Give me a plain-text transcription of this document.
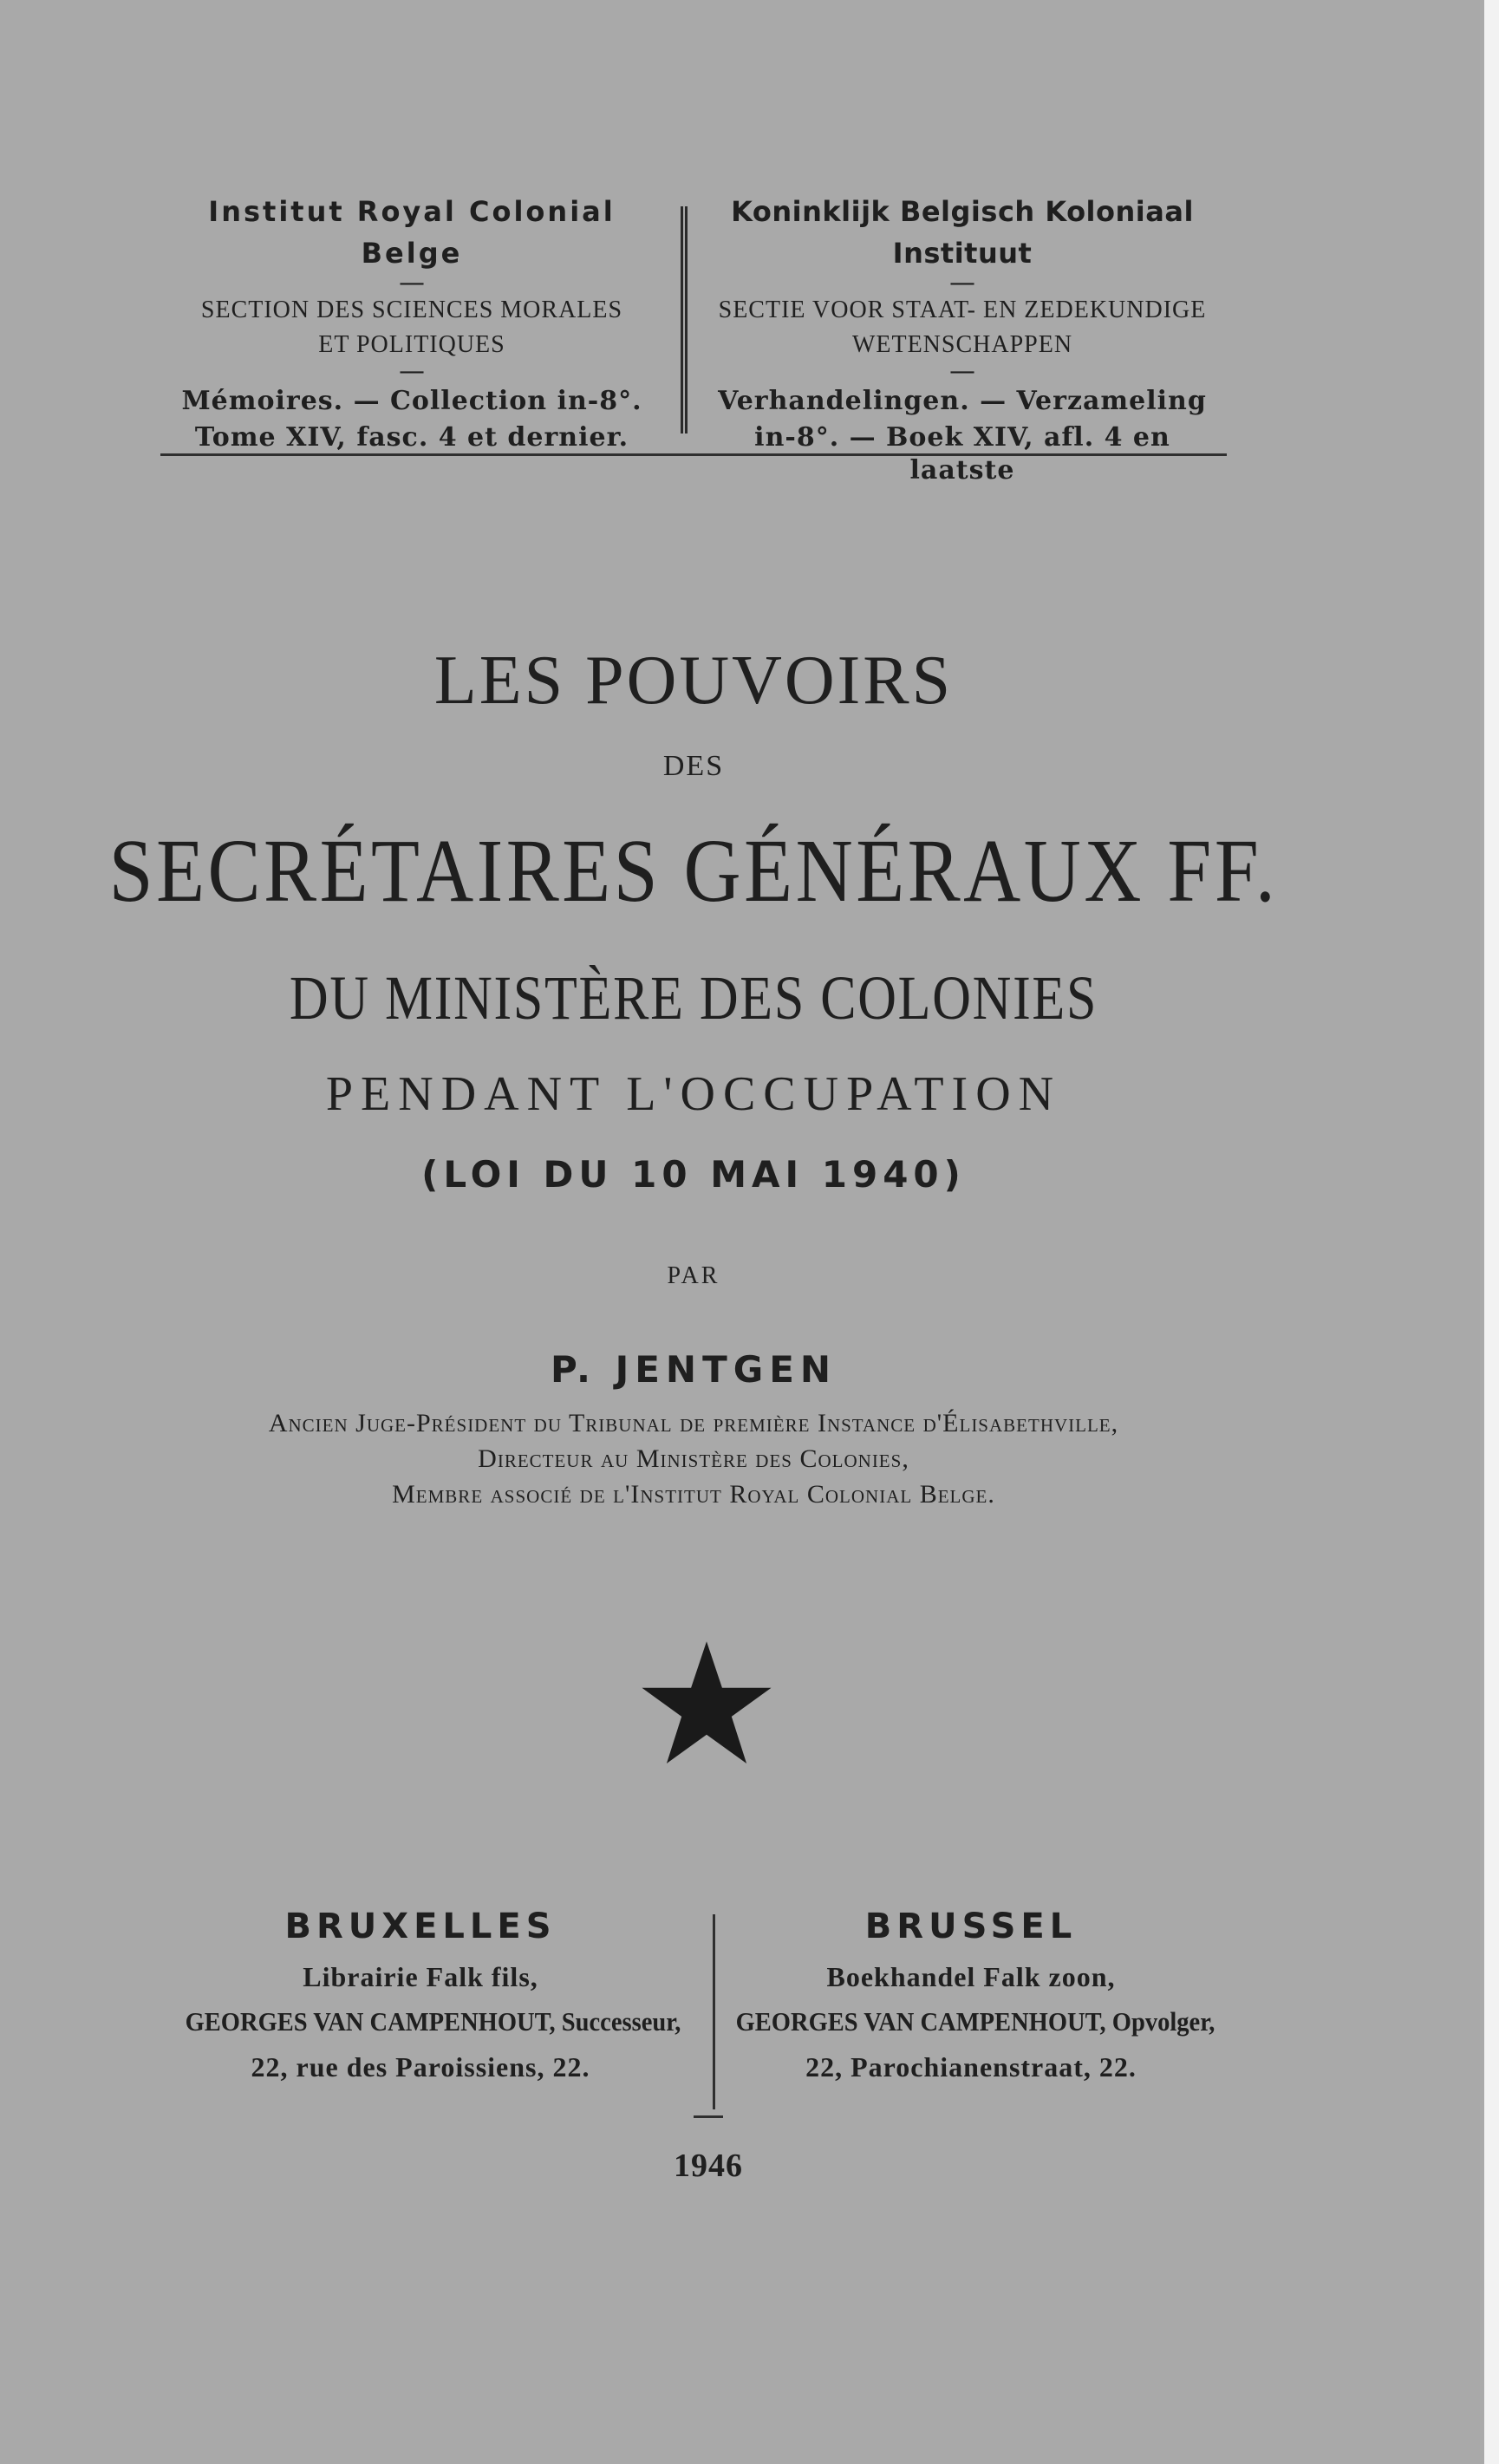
Institut Royal Colonial Belge
—
SECTION DES SCIENCES MORALES
ET POLITIQUES
—
Mémoires. — Collection in-8°.
Tome XIV, fasc. 4 et dernier.
Koninklijk Belgisch Koloniaal Instituut
—
SECTIE VOOR STAAT- EN ZEDEKUNDIGE
WETENSCHAPPEN
—
Verhandelingen. — Verzameling
in-8°. — Boek XIV, afl. 4 en laatste
LES POUVOIRS
DES
SECRÉTAIRES GÉNÉRAUX FF.
DU MINISTÈRE DES COLONIES
PENDANT L'OCCUPATION
(LOI DU 10 MAI 1940)
PAR
P. JENTGEN
Ancien Juge-Président du Tribunal de première Instance d'Élisabethville,
Directeur au Ministère des Colonies,
Membre associé de l'Institut Royal Colonial Belge.
BRUXELLES
Librairie Falk fils,
GEORGES VAN CAMPENHOUT, Successeur,
22, rue des Paroissiens, 22.
BRUSSEL
Boekhandel Falk zoon,
GEORGES VAN CAMPENHOUT, Opvolger,
22, Parochianenstraat, 22.
1946
